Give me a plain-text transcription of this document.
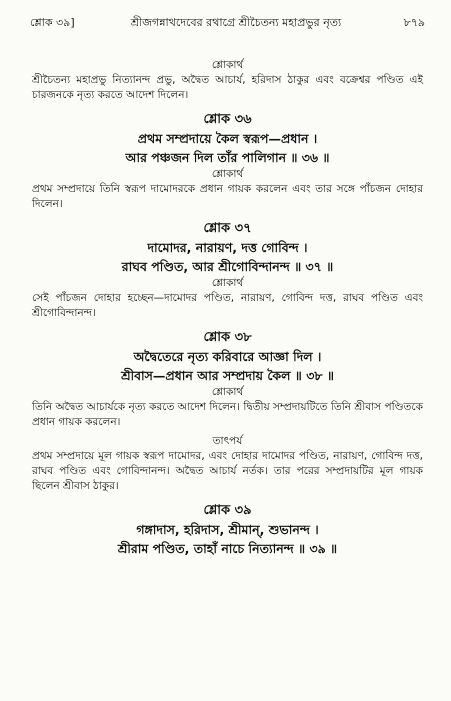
শ্লোক ৩৯]	শ্রীজগন্নাথদেবের রথাগ্রে শ্রীচৈতন্য মহাপ্রভুর নৃত্য	৮৭৯
শ্লোকার্থ
শ্রীচৈতন্য মহাপ্রভু নিত্যানন্দ প্রভু, অদ্বৈত আচার্য, হরিদাস ঠাকুর এবং বক্রেশ্বর পণ্ডিত এই চারজনকে নৃত্য করতে আদেশ দিলেন।
শ্লোক ৩৬
প্রথম সম্প্রদায়ে কৈল স্বরূপ—প্রধান ।
আর পঞ্চজন দিল তাঁর পালিগান ॥ ৩৬ ॥
শ্লোকার্থ
প্রথম সম্প্রদায়ে তিনি স্বরূপ দামোদরকে প্রধান গায়ক করলেন এবং তার সঙ্গে পাঁচজন দোহার দিলেন।
শ্লোক ৩৭
দামোদর, নারায়ণ, দত্ত গোবিন্দ ।
রাঘব পণ্ডিত, আর শ্রীগোবিন্দানন্দ ॥ ৩৭ ॥
শ্লোকার্থ
সেই পাঁচজন দোহার হচ্ছেন—দামোদর পণ্ডিত, নারায়ণ, গোবিন্দ দত্ত, রাঘব পণ্ডিত এবং শ্রীগোবিন্দানন্দ।
শ্লোক ৩৮
অদ্বৈতেরে নৃত্য করিবারে আজ্ঞা দিল ।
শ্রীবাস—প্রধান আর সম্প্রদায় কৈল ॥ ৩৮ ॥
শ্লোকার্থ
তিনি অদ্বৈত আচার্যকে নৃত্য করতে আদেশ দিলেন। দ্বিতীয় সম্প্রদায়টিতে তিনি শ্রীবাস পণ্ডিতকে প্রধান গায়ক করলেন।
তাৎপর্য
প্রথম সম্প্রদায়ে মূল গায়ক স্বরূপ দামোদর, এবং দোহার দামোদর পণ্ডিত, নারায়ণ, গোবিন্দ দত্ত, রাঘব পণ্ডিত এবং গোবিন্দানন্দ। অদ্বৈত আচার্য নর্তক। তার পরের সম্প্রদায়টির মূল গায়ক ছিলেন শ্রীবাস ঠাকুর।
শ্লোক ৩৯
গঙ্গাদাস, হরিদাস, শ্রীমান্, শুভানন্দ ।
শ্রীরাম পণ্ডিত, তাহাঁ নাচে নিত্যানন্দ ॥ ৩৯ ॥
